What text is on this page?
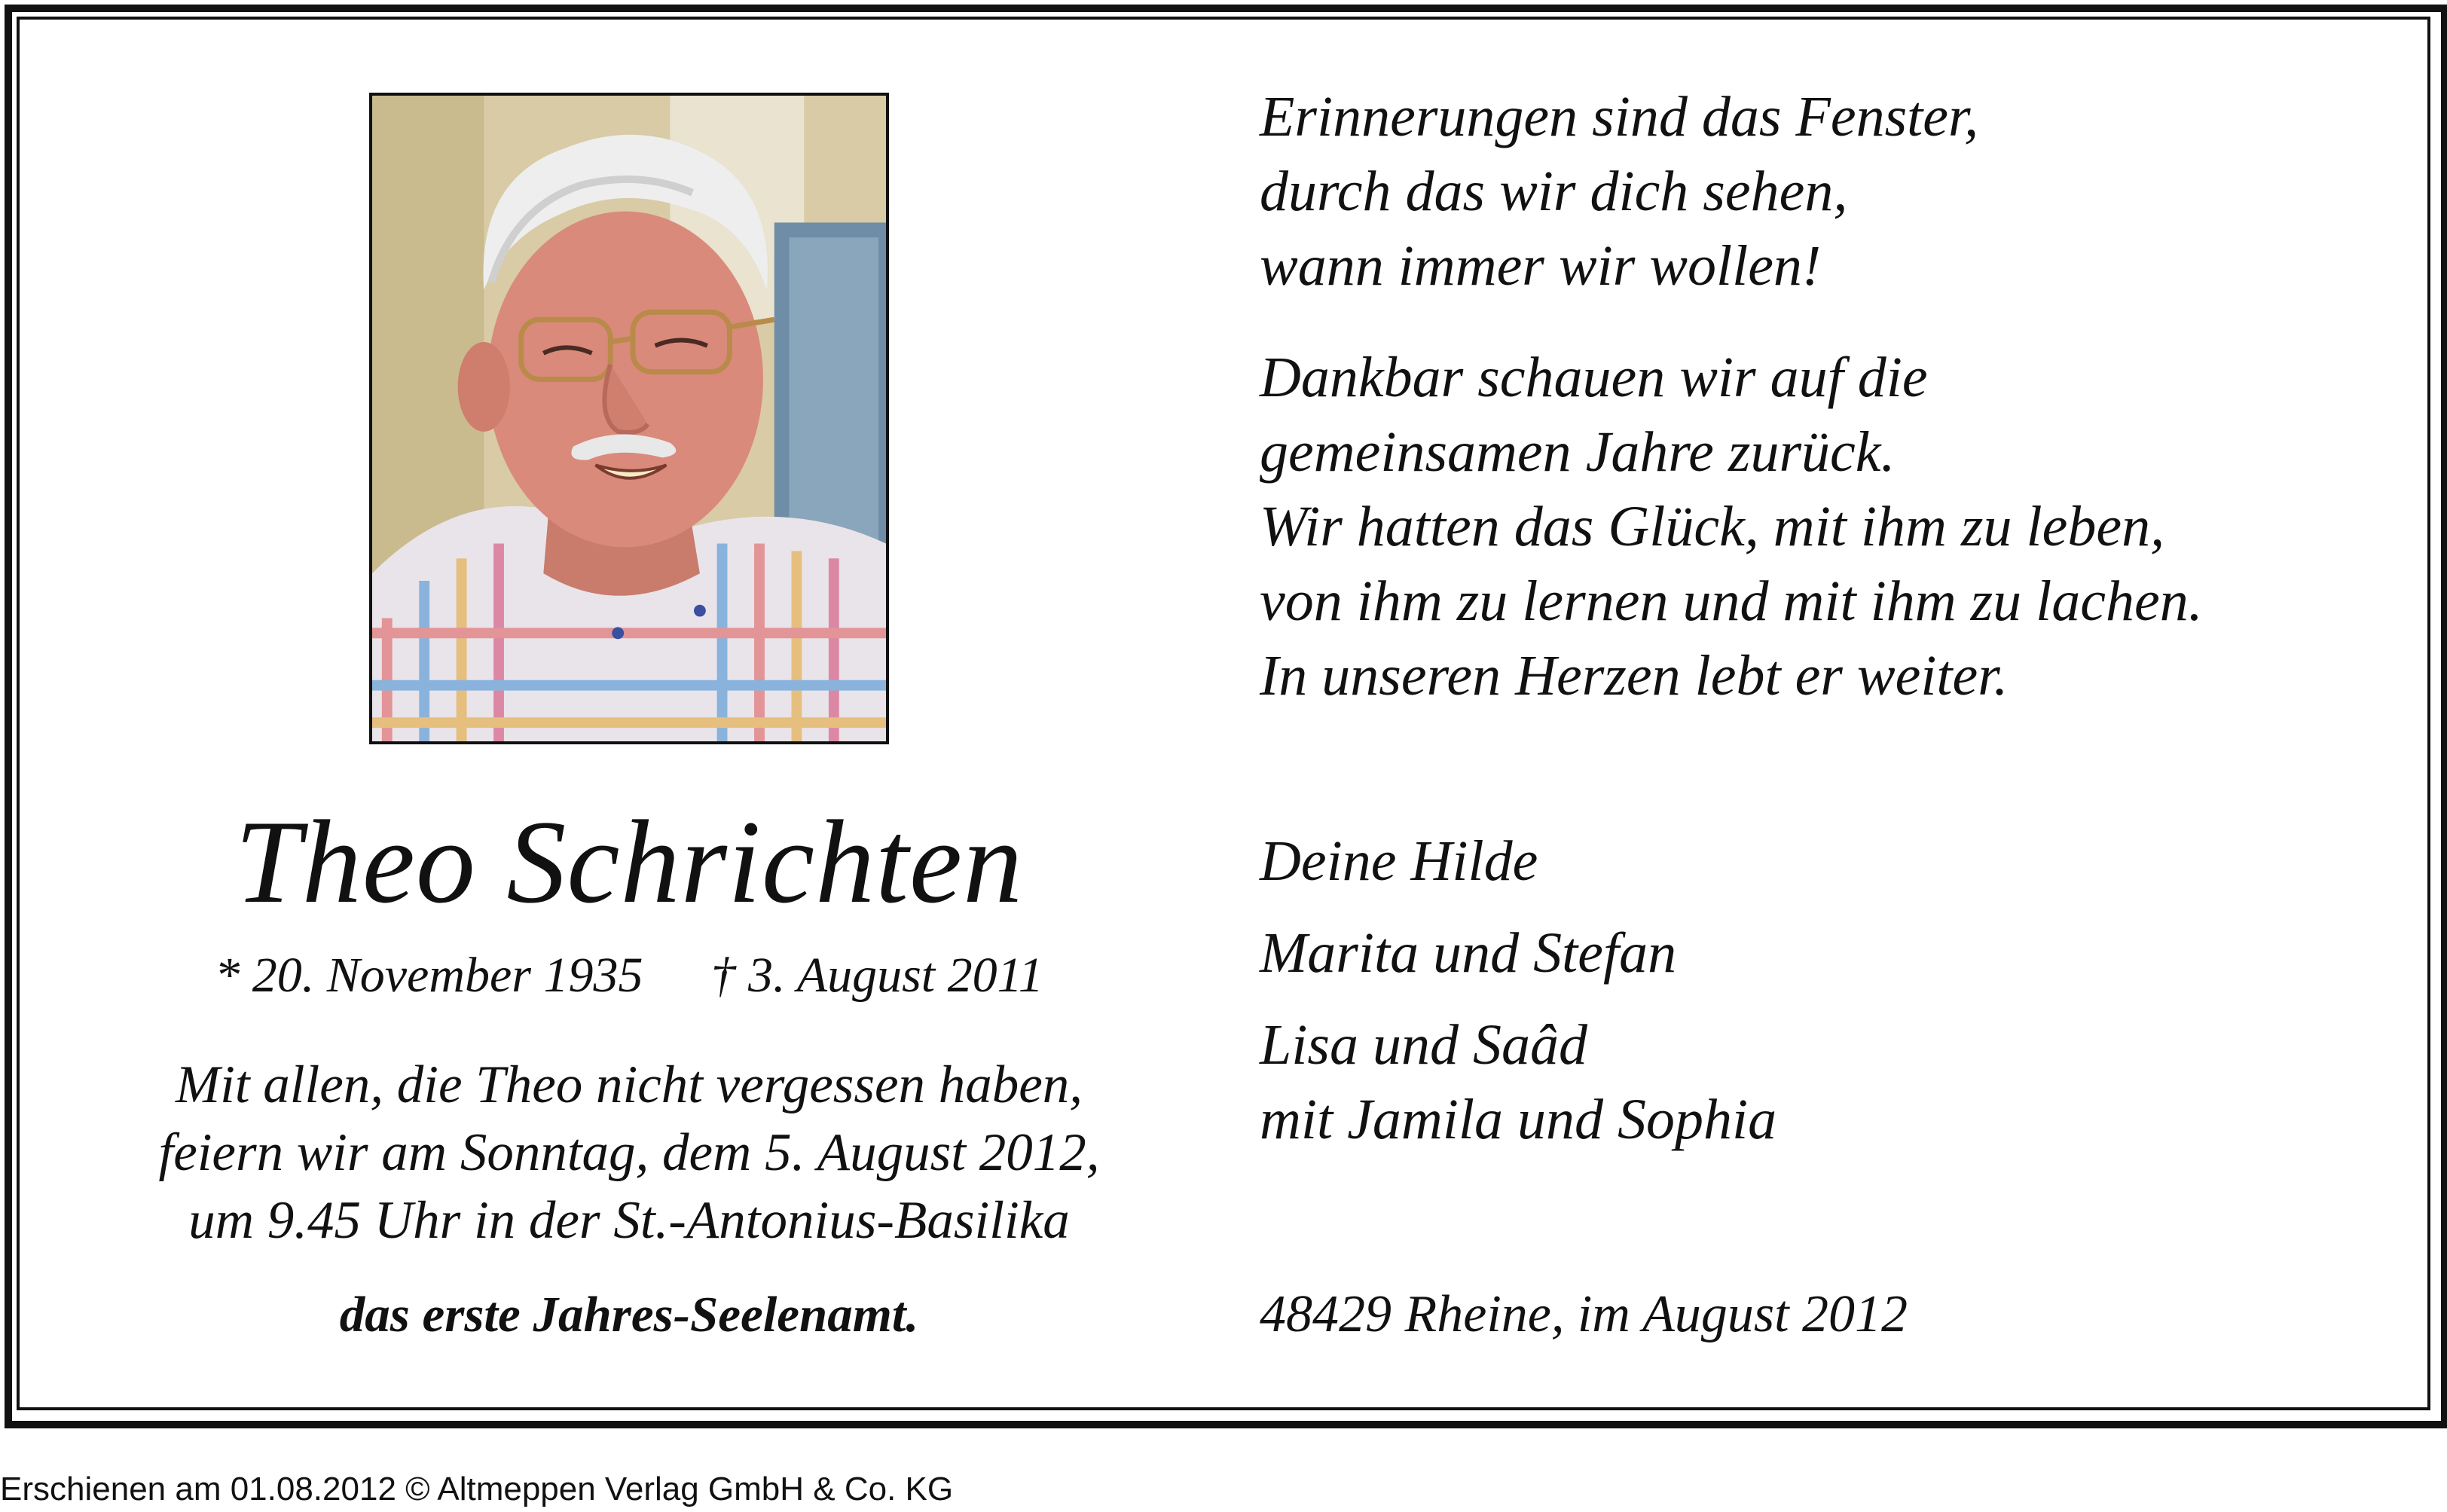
Theo Schrichten
* 20. November 1935 † 3. August 2011
Mit allen, die Theo nicht vergessen haben,
feiern wir am Sonntag, dem 5. August 2012,
um 9.45 Uhr in der St.-Antonius-Basilika
das erste Jahres-Seelenamt.
Erinnerungen sind das Fenster,
durch das wir dich sehen,
wann immer wir wollen!
Dankbar schauen wir auf die
gemeinsamen Jahre zurück.
Wir hatten das Glück, mit ihm zu leben,
von ihm zu lernen und mit ihm zu lachen.
In unseren Herzen lebt er weiter.
Deine Hilde
Marita und Stefan
Lisa und Saâd
mit Jamila und Sophia
48429 Rheine, im August 2012
Erschienen am 01.08.2012 © Altmeppen Verlag GmbH & Co. KG
